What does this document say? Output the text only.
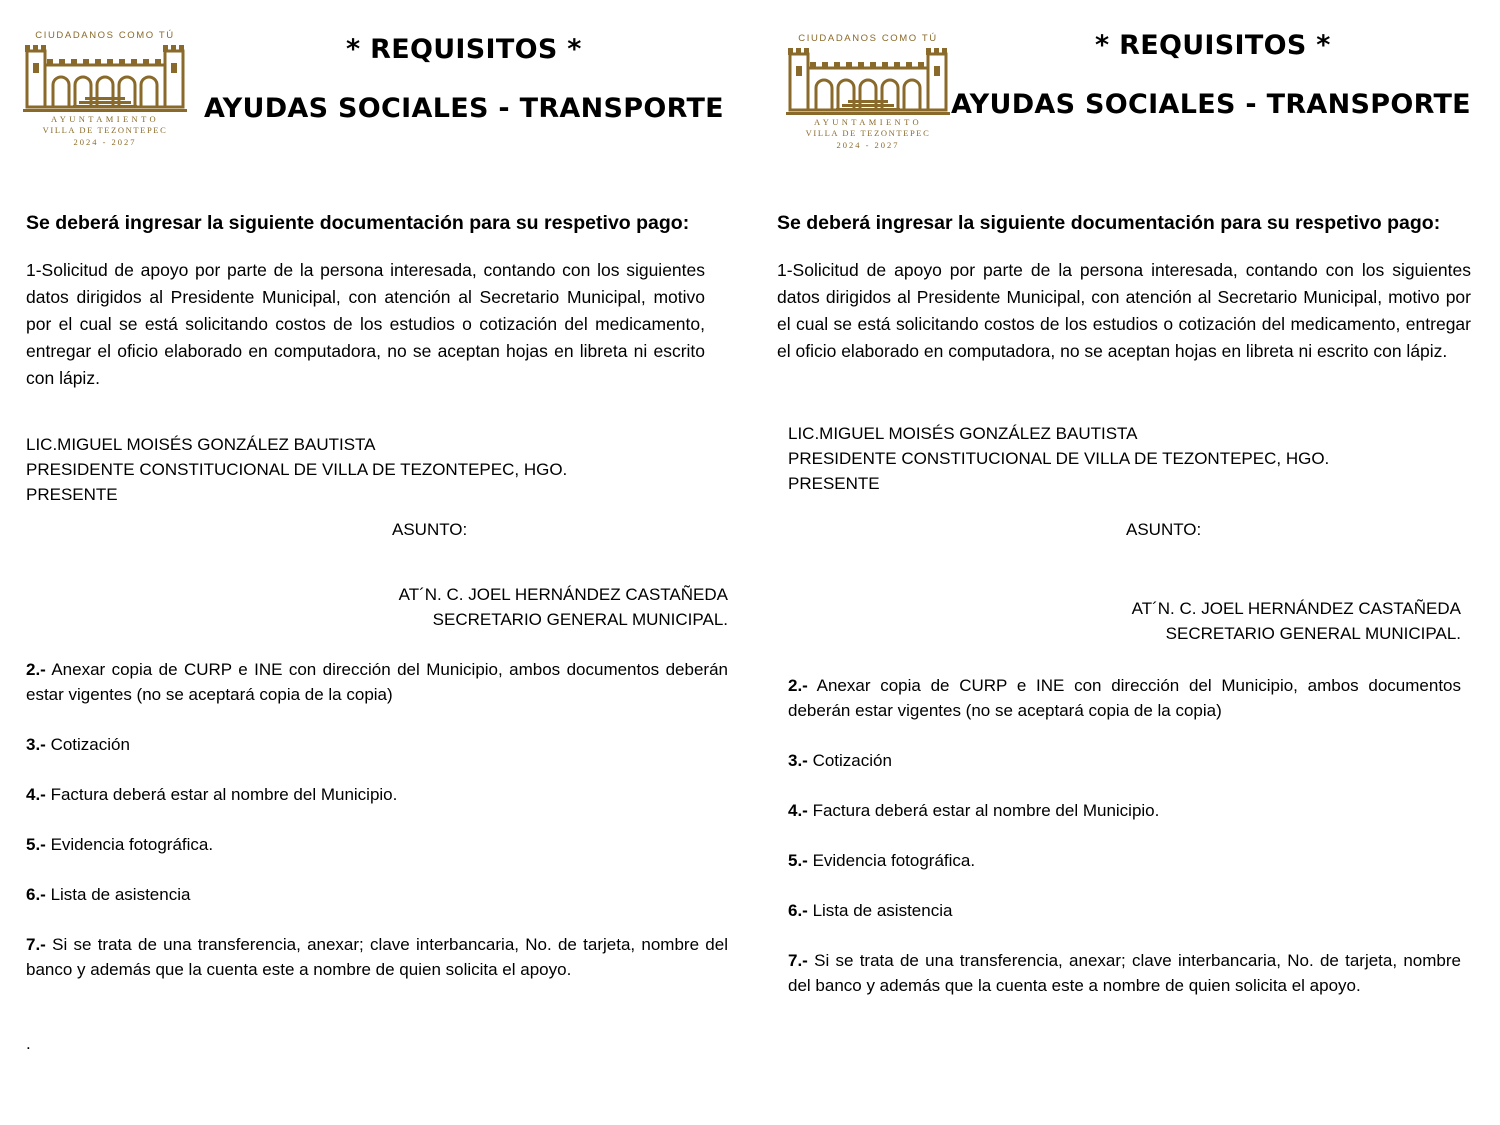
CIUDADANOS COMO TÚ
AYUNTAMIENTO
VILLA DE TEZONTEPEC
2024 - 2027
* REQUISITOS *
AYUDAS SOCIALES - TRANSPORTE
Se deberá ingresar la siguiente documentación para su respetivo pago:

1-Solicitud de apoyo por parte de la persona interesada, contando con los siguientes datos dirigidos al Presidente Municipal, con atención al Secretario Municipal, motivo por el cual se está solicitando costos de los estudios o cotización del medicamento, entregar el oficio elaborado en computadora, no se aceptan hojas en libreta ni escrito con lápiz.

LIC.MIGUEL MOISÉS GONZÁLEZ BAUTISTA
PRESIDENTE CONSTITUCIONAL DE VILLA DE TEZONTEPEC, HGO.
PRESENTE
ASUNTO:
AT´N. C. JOEL HERNÁNDEZ CASTAÑEDA
SECRETARIO GENERAL MUNICIPAL.
2.- Anexar copia de CURP e INE con dirección del Municipio, ambos documentos deberán estar vigentes (no se aceptará copia de la copia)
3.- Cotización
4.- Factura deberá estar al nombre del Municipio.
5.- Evidencia fotográfica.
6.- Lista de asistencia
7.- Si se trata de una transferencia, anexar; clave interbancaria, No. de tarjeta, nombre del banco y además que la cuenta este a nombre de quien solicita el apoyo.
.
CIUDADANOS COMO TÚ
AYUNTAMIENTO
VILLA DE TEZONTEPEC
2024 - 2027
* REQUISITOS *
AYUDAS SOCIALES - TRANSPORTE
Se deberá ingresar la siguiente documentación para su respetivo pago:

1-Solicitud de apoyo por parte de la persona interesada, contando con los siguientes datos dirigidos al Presidente Municipal, con atención al Secretario Municipal, motivo por el cual se está solicitando costos de los estudios o cotización del medicamento, entregar el oficio elaborado en computadora, no se aceptan hojas en libreta ni escrito con lápiz.

LIC.MIGUEL MOISÉS GONZÁLEZ BAUTISTA
PRESIDENTE CONSTITUCIONAL DE VILLA DE TEZONTEPEC, HGO.
PRESENTE
ASUNTO:
AT´N. C. JOEL HERNÁNDEZ CASTAÑEDA
SECRETARIO GENERAL MUNICIPAL.
2.- Anexar copia de CURP e INE con dirección del Municipio, ambos documentos deberán estar vigentes (no se aceptará copia de la copia)
3.- Cotización
4.- Factura deberá estar al nombre del Municipio.
5.- Evidencia fotográfica.
6.- Lista de asistencia
7.- Si se trata de una transferencia, anexar; clave interbancaria, No. de tarjeta, nombre del banco y además que la cuenta este a nombre de quien solicita el apoyo.
